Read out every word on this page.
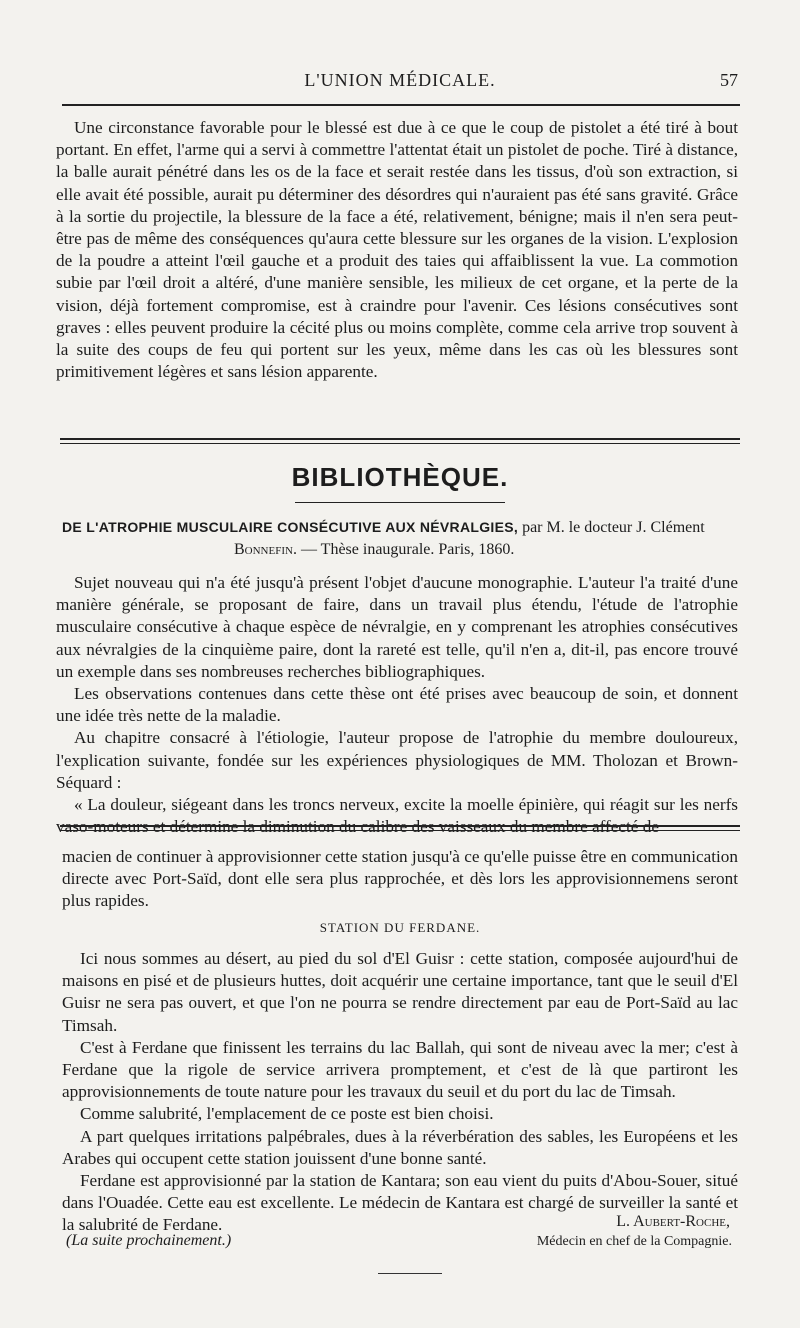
L'UNION MÉDICALE.	57

Une circonstance favorable pour le blessé est due à ce que le coup de pistolet a été tiré à bout portant. En effet, l'arme qui a servi à commettre l'attentat était un pistolet de poche. Tiré à distance, la balle aurait pénétré dans les os de la face et serait restée dans les tissus, d'où son extraction, si elle avait été possible, aurait pu déterminer des désordres qui n'auraient pas été sans gravité. Grâce à la sortie du projectile, la blessure de la face a été, relativement, bénigne; mais il n'en sera peut-être pas de même des conséquences qu'aura cette blessure sur les organes de la vision. L'explosion de la poudre a atteint l'œil gauche et a produit des taies qui affaiblissent la vue. La commotion subie par l'œil droit a altéré, d'une manière sensible, les milieux de cet organe, et la perte de la vision, déjà fortement compromise, est à craindre pour l'avenir. Ces lésions consécutives sont graves : elles peuvent produire la cécité plus ou moins complète, comme cela arrive trop souvent à la suite des coups de feu qui portent sur les yeux, même dans les cas où les blessures sont primitivement légères et sans lésion apparente.

BIBLIOTHÈQUE.
DE L'ATROPHIE MUSCULAIRE CONSÉCUTIVE AUX NÉVRALGIES, par M. le docteur J. Clément
Bonnefin. — Thèse inaugurale. Paris, 1860.

Sujet nouveau qui n'a été jusqu'à présent l'objet d'aucune monographie. L'auteur l'a traité d'une manière générale, se proposant de faire, dans un travail plus étendu, l'étude de l'atrophie musculaire consécutive à chaque espèce de névralgie, en y comprenant les atrophies consécutives aux névralgies de la cinquième paire, dont la rareté est telle, qu'il n'en a, dit-il, pas encore trouvé un exemple dans ses nombreuses recherches bibliographiques.

Les observations contenues dans cette thèse ont été prises avec beaucoup de soin, et donnent une idée très nette de la maladie.

Au chapitre consacré à l'étiologie, l'auteur propose de l'atrophie du membre douloureux, l'explication suivante, fondée sur les expériences physiologiques de MM. Tholozan et Brown-Séquard :

« La douleur, siégeant dans les troncs nerveux, excite la moelle épinière, qui réagit sur les nerfs vaso-moteurs et détermine la diminution du calibre des vaisseaux du membre affecté de

macien de continuer à approvisionner cette station jusqu'à ce qu'elle puisse être en communication directe avec Port-Saïd, dont elle sera plus rapprochée, et dès lors les approvisionnemens seront plus rapides.

STATION DU FERDANE.

Ici nous sommes au désert, au pied du sol d'El Guisr : cette station, composée aujourd'hui de maisons en pisé et de plusieurs huttes, doit acquérir une certaine importance, tant que le seuil d'El Guisr ne sera pas ouvert, et que l'on ne pourra se rendre directement par eau de Port-Saïd au lac Timsah.

C'est à Ferdane que finissent les terrains du lac Ballah, qui sont de niveau avec la mer; c'est à Ferdane que la rigole de service arrivera promptement, et c'est de là que partiront les approvisionnements de toute nature pour les travaux du seuil et du port du lac de Timsah.

Comme salubrité, l'emplacement de ce poste est bien choisi.

A part quelques irritations palpébrales, dues à la réverbération des sables, les Européens et les Arabes qui occupent cette station jouissent d'une bonne santé.

Ferdane est approvisionné par la station de Kantara; son eau vient du puits d'Abou-Souer, situé dans l'Ouadée. Cette eau est excellente. Le médecin de Kantara est chargé de surveiller la santé et la salubrité de Ferdane.	L. Aubert-Roche,
(La suite prochainement.)	Médecin en chef de la Compagnie.
